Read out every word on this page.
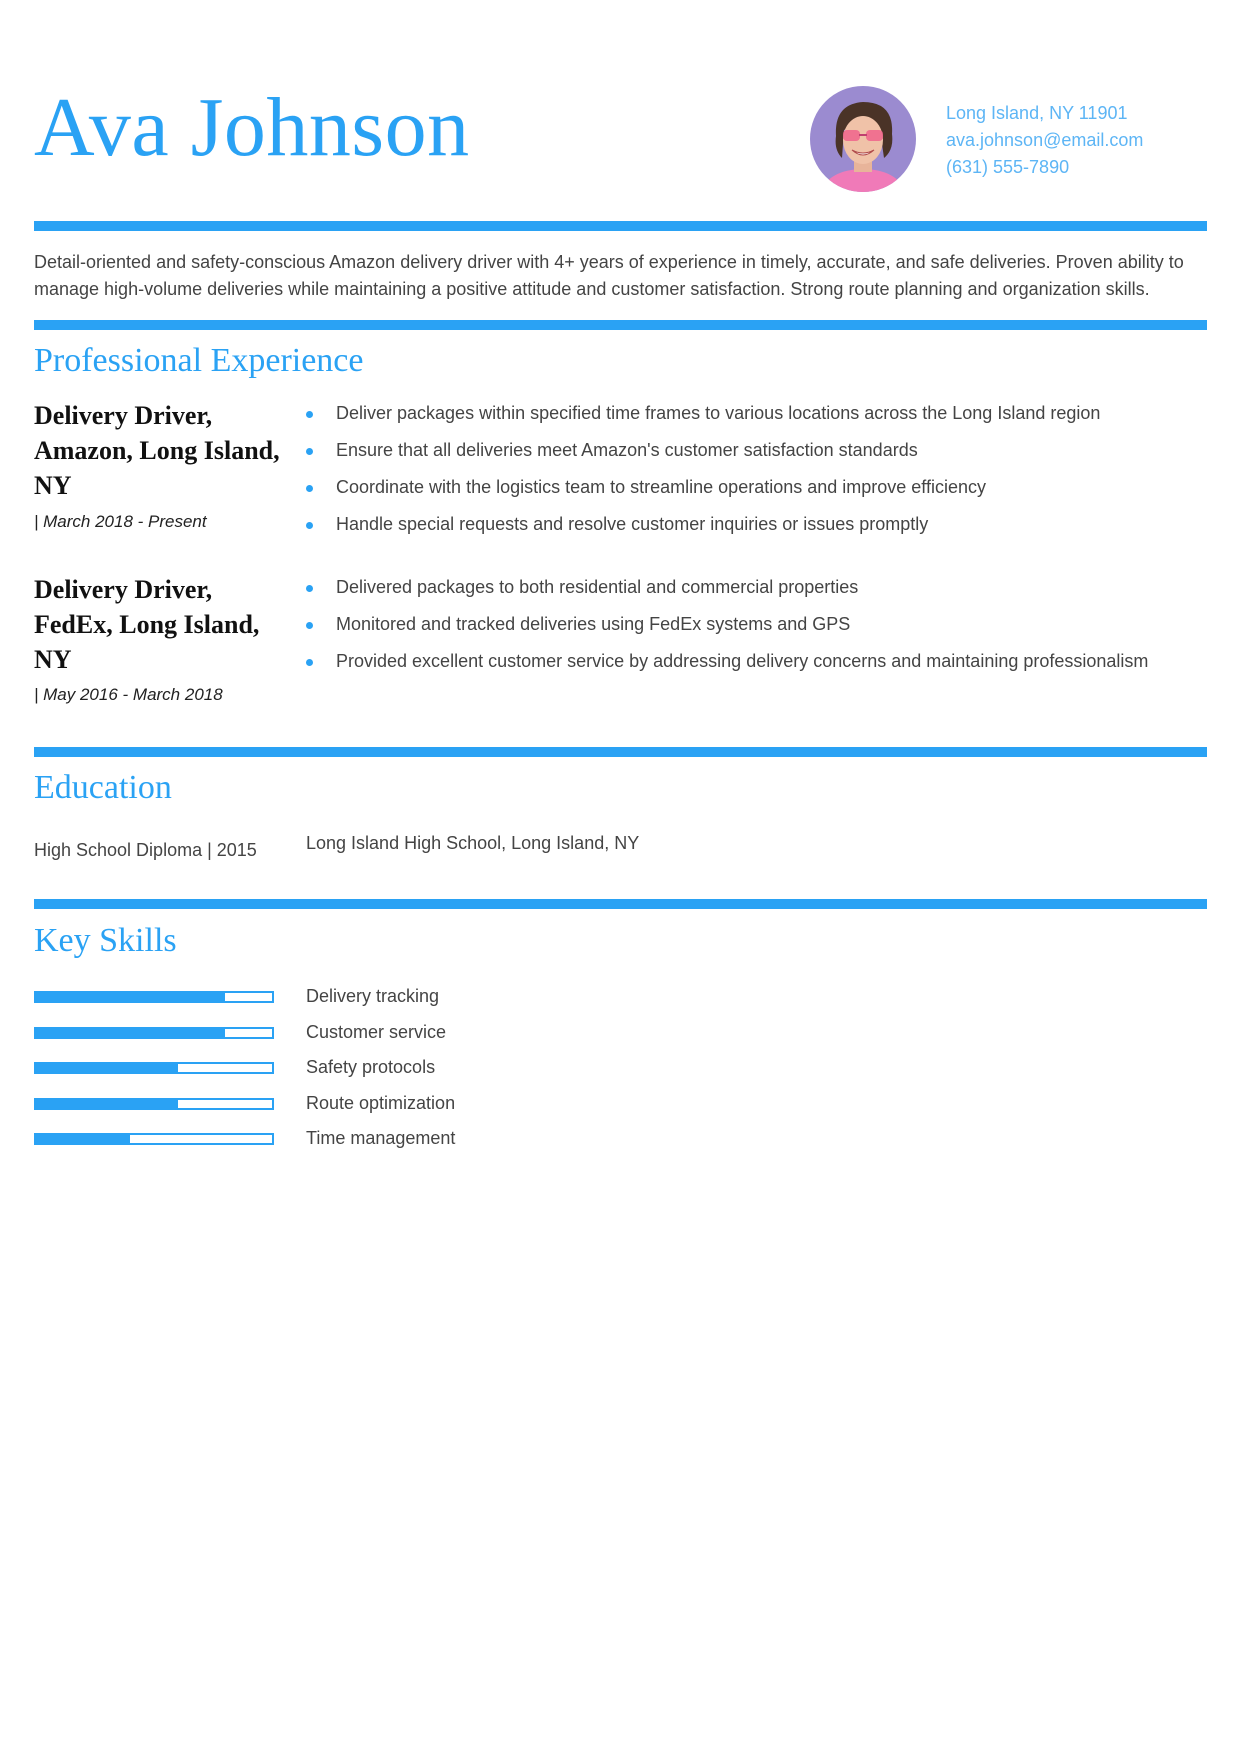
Ava Johnson	Long Island, NY 11901
ava.johnson@email.com
(631) 555-7890

Detail-oriented and safety-conscious Amazon delivery driver with 4+ years of experience in timely, accurate, and safe deliveries. Proven ability to manage high-volume deliveries while maintaining a positive attitude and customer satisfaction. Strong route planning and organization skills.

Professional Experience
Delivery Driver, Amazon, Long Island, NY
| March 2018 - Present
Deliver packages within specified time frames to various locations across the Long Island region
Ensure that all deliveries meet Amazon's customer satisfaction standards
Coordinate with the logistics team to streamline operations and improve efficiency
Handle special requests and resolve customer inquiries or issues promptly
Delivery Driver, FedEx, Long Island, NY
| May 2016 - March 2018
Delivered packages to both residential and commercial properties
Monitored and tracked deliveries using FedEx systems and GPS
Provided excellent customer service by addressing delivery concerns and maintaining professionalism
Education
High School Diploma | 2015	Long Island High School, Long Island, NY
Key Skills
Delivery tracking
Customer service
Safety protocols
Route optimization
Time management
